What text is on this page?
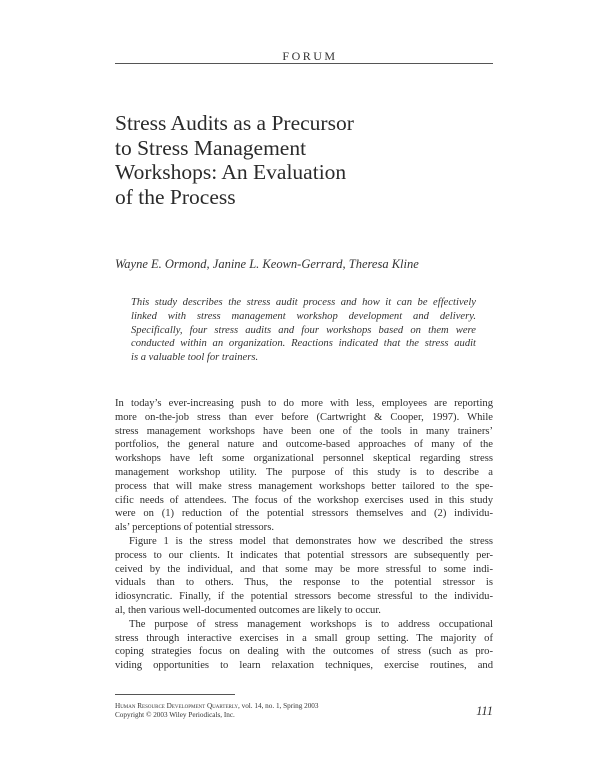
FORUM
Stress Audits as a Precursor
to Stress Management
Workshops: An Evaluation
of the Process
Wayne E. Ormond, Janine L. Keown-Gerrard, Theresa Kline
This study describes the stress audit process and how it can be effectively
linked with stress management workshop development and delivery.
Specifically, four stress audits and four workshops based on them were
conducted within an organization. Reactions indicated that the stress audit
is a valuable tool for trainers.
In today’s ever-increasing push to do more with less, employees are reporting
more on-the-job stress than ever before (Cartwright & Cooper, 1997). While
stress management workshops have been one of the tools in many trainers’
portfolios, the general nature and outcome-based approaches of many of the
workshops have left some organizational personnel skeptical regarding stress
management workshop utility. The purpose of this study is to describe a
process that will make stress management workshops better tailored to the spe-
cific needs of attendees. The focus of the workshop exercises used in this study
were on (1) reduction of the potential stressors themselves and (2) individu-
als’ perceptions of potential stressors.
Figure 1 is the stress model that demonstrates how we described the stress
process to our clients. It indicates that potential stressors are subsequently per-
ceived by the individual, and that some may be more stressful to some indi-
viduals than to others. Thus, the response to the potential stressor is
idiosyncratic. Finally, if the potential stressors become stressful to the individu-
al, then various well-documented outcomes are likely to occur.
The purpose of stress management workshops is to address occupational
stress through interactive exercises in a small group setting. The majority of
coping strategies focus on dealing with the outcomes of stress (such as pro-
viding opportunities to learn relaxation techniques, exercise routines, and
Human Resource Development Quarterly, vol. 14, no. 1, Spring 2003
Copyright © 2003 Wiley Periodicals, Inc.	111
